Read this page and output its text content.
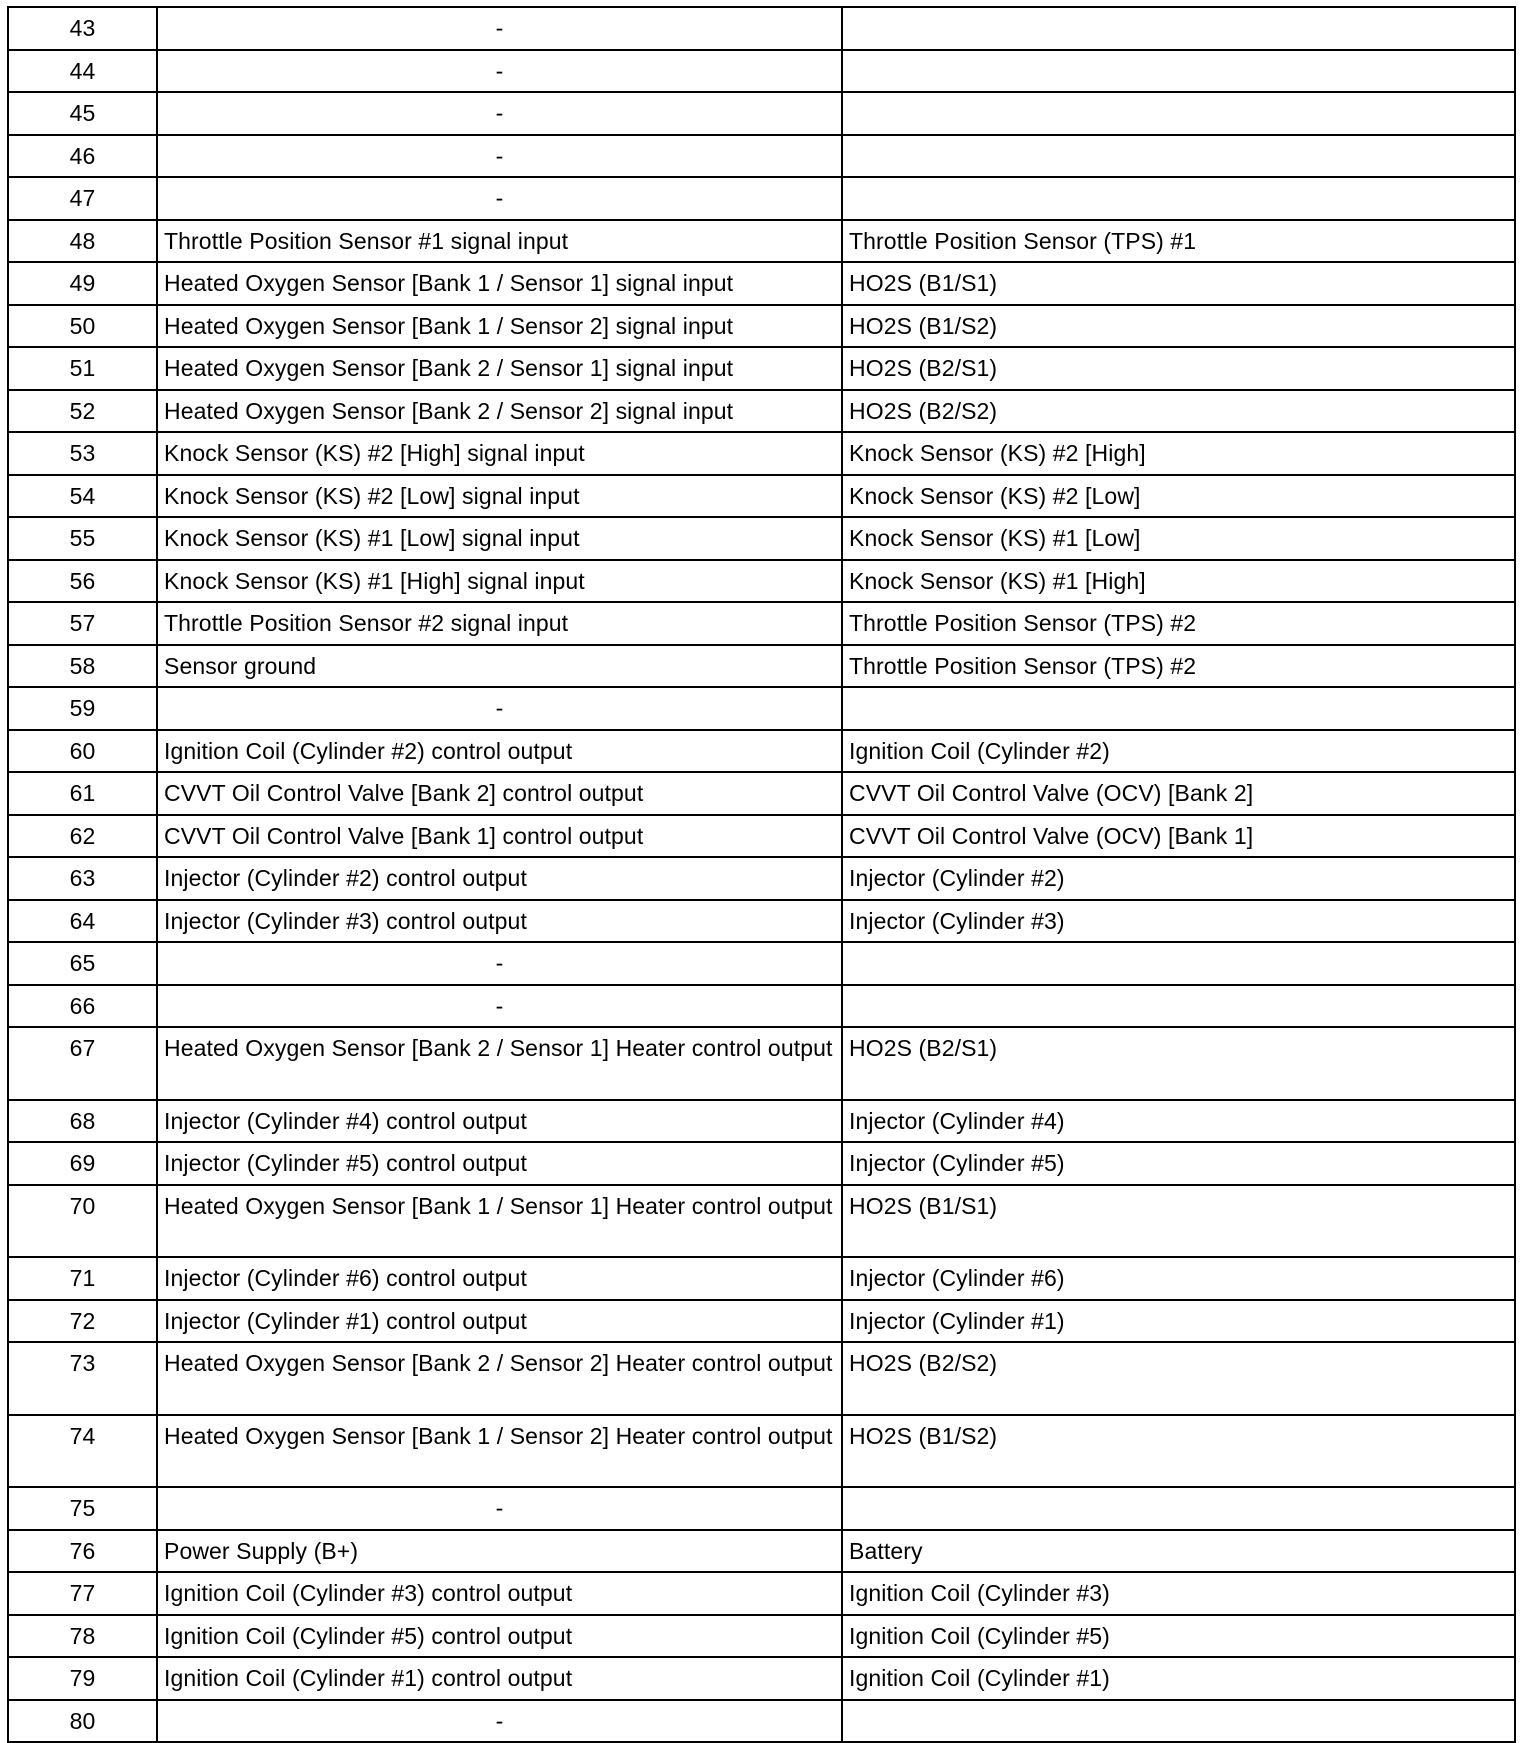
43	-	
44	-	
45	-	
46	-	
47	-	
48	Throttle Position Sensor #1 signal input	Throttle Position Sensor (TPS) #1
49	Heated Oxygen Sensor [Bank 1 / Sensor 1] signal input	HO2S (B1/S1)
50	Heated Oxygen Sensor [Bank 1 / Sensor 2] signal input	HO2S (B1/S2)
51	Heated Oxygen Sensor [Bank 2 / Sensor 1] signal input	HO2S (B2/S1)
52	Heated Oxygen Sensor [Bank 2 / Sensor 2] signal input	HO2S (B2/S2)
53	Knock Sensor (KS) #2 [High] signal input	Knock Sensor (KS) #2 [High]
54	Knock Sensor (KS) #2 [Low] signal input	Knock Sensor (KS) #2 [Low]
55	Knock Sensor (KS) #1 [Low] signal input	Knock Sensor (KS) #1 [Low]
56	Knock Sensor (KS) #1 [High] signal input	Knock Sensor (KS) #1 [High]
57	Throttle Position Sensor #2 signal input	Throttle Position Sensor (TPS) #2
58	Sensor ground	Throttle Position Sensor (TPS) #2
59	-	
60	Ignition Coil (Cylinder #2) control output	Ignition Coil (Cylinder #2)
61	CVVT Oil Control Valve [Bank 2] control output	CVVT Oil Control Valve (OCV) [Bank 2]
62	CVVT Oil Control Valve [Bank 1] control output	CVVT Oil Control Valve (OCV) [Bank 1]
63	Injector (Cylinder #2) control output	Injector (Cylinder #2)
64	Injector (Cylinder #3) control output	Injector (Cylinder #3)
65	-	
66	-	
67	Heated Oxygen Sensor [Bank 2 / Sensor 1] Heater control output	HO2S (B2/S1)
68	Injector (Cylinder #4) control output	Injector (Cylinder #4)
69	Injector (Cylinder #5) control output	Injector (Cylinder #5)
70	Heated Oxygen Sensor [Bank 1 / Sensor 1] Heater control output	HO2S (B1/S1)
71	Injector (Cylinder #6) control output	Injector (Cylinder #6)
72	Injector (Cylinder #1) control output	Injector (Cylinder #1)
73	Heated Oxygen Sensor [Bank 2 / Sensor 2] Heater control output	HO2S (B2/S2)
74	Heated Oxygen Sensor [Bank 1 / Sensor 2] Heater control output	HO2S (B1/S2)
75	-	
76	Power Supply (B+)	Battery
77	Ignition Coil (Cylinder #3) control output	Ignition Coil (Cylinder #3)
78	Ignition Coil (Cylinder #5) control output	Ignition Coil (Cylinder #5)
79	Ignition Coil (Cylinder #1) control output	Ignition Coil (Cylinder #1)
80	-	
